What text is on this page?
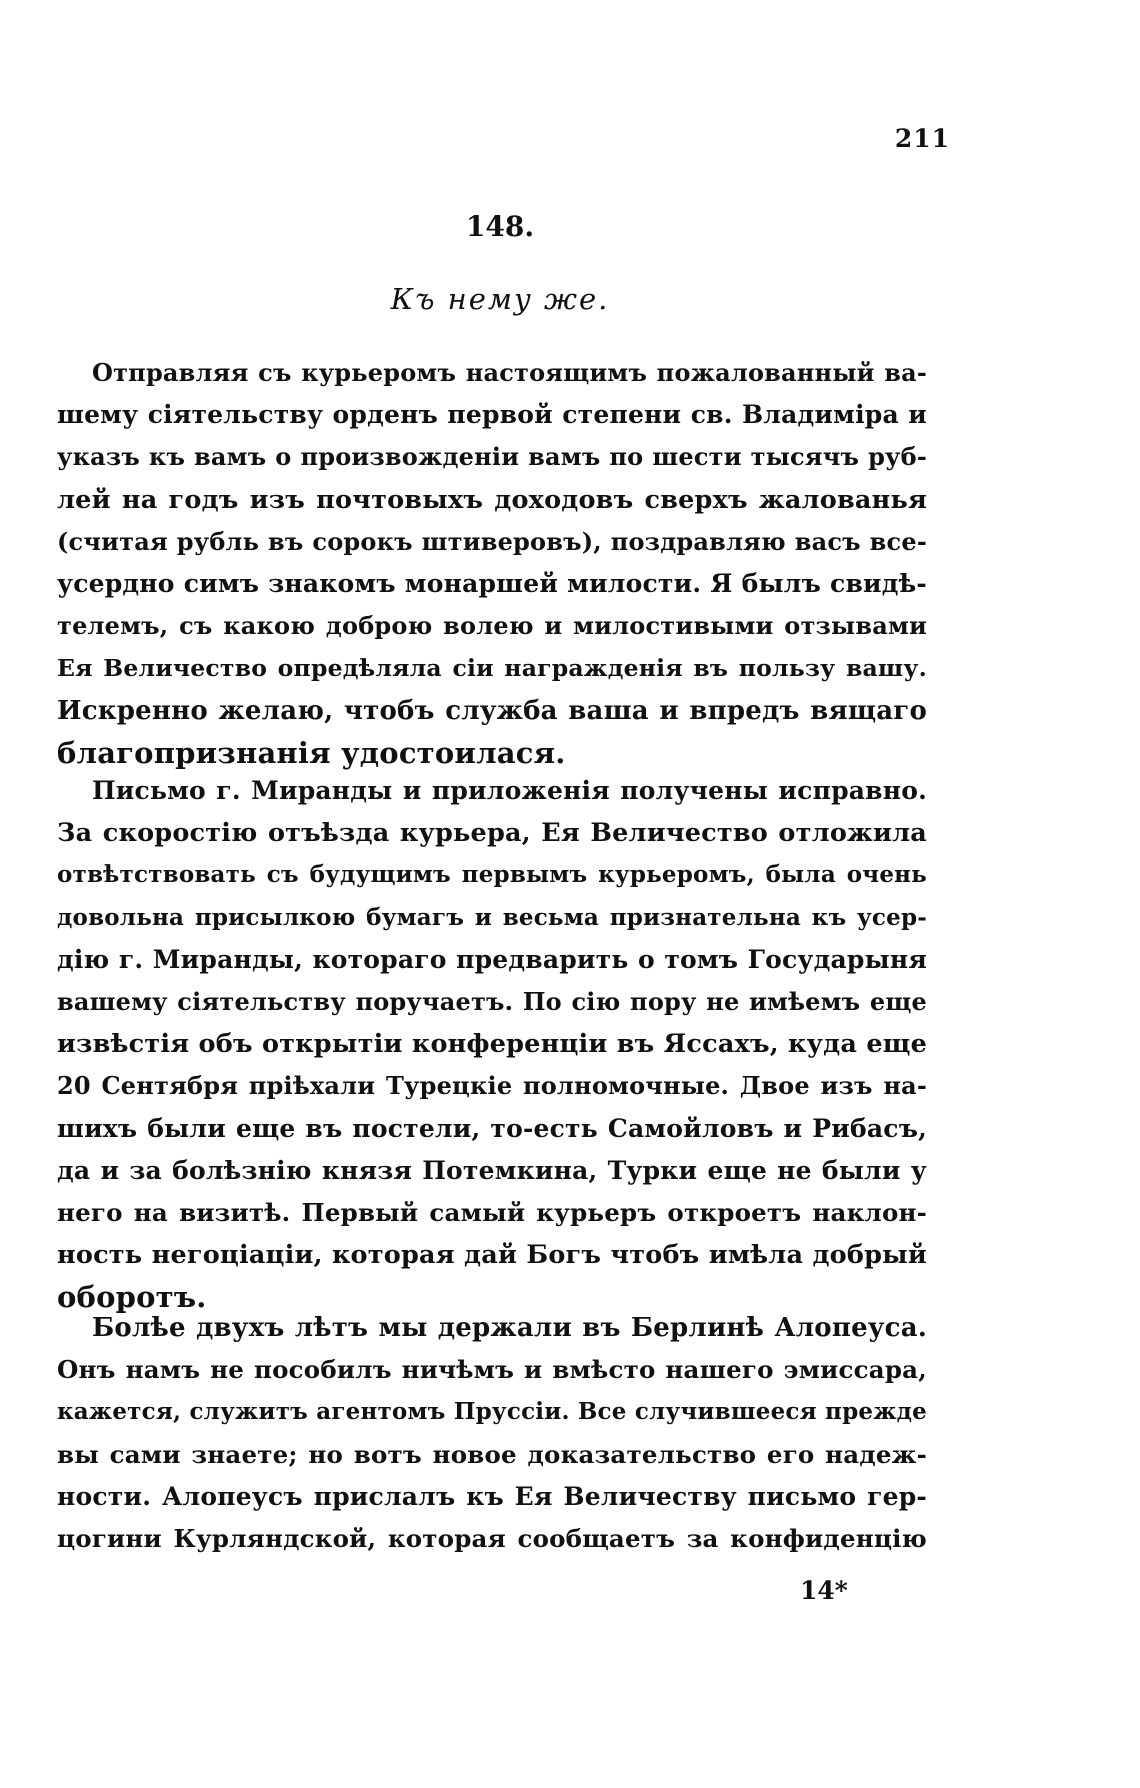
211
148.
Къ нему же.
Отправляя съ курьеромъ настоящимъ пожалованный ва-
шему сіятельству орденъ первой степени св. Владиміра и
указъ къ вамъ о произвожденіи вамъ по шести тысячъ руб-
лей на годъ изъ почтовыхъ доходовъ сверхъ жалованья
(считая рубль въ сорокъ штиверовъ), поздравляю васъ все-
усердно симъ знакомъ монаршей милости. Я былъ свидѣ-
телемъ, съ какою доброю волею и милостивыми отзывами
Ея Величество опредѣляла сіи награжденія въ пользу вашу.
Искренно желаю, чтобъ служба ваша и впредъ вящаго
благопризнанія удостоилася.
Письмо г. Миранды и приложенія получены исправно.
За скоростію отъѣзда курьера, Ея Величество отложила
отвѣтствовать съ будущимъ первымъ курьеромъ, была очень
довольна присылкою бумагъ и весьма признательна къ усер-
дію г. Миранды, котораго предварить о томъ Государыня
вашему сіятельству поручаетъ. По сію пору не имѣемъ еще
извѣстія объ открытіи конференціи въ Яссахъ, куда еще
20 Сентября пріѣхали Турецкіе полномочные. Двое изъ на-
шихъ были еще въ постели, то-есть Самойловъ и Рибасъ,
да и за болѣзнію князя Потемкина, Турки еще не были у
него на визитѣ. Первый самый курьеръ откроетъ наклон-
ность негоціаціи, которая дай Богъ чтобъ имѣла добрый
оборотъ.
Болѣе двухъ лѣтъ мы держали въ Берлинѣ Алопеуса.
Онъ намъ не пособилъ ничѣмъ и вмѣсто нашего эмиссара,
кажется, служитъ агентомъ Пруссіи. Все случившееся прежде
вы сами знаете; но вотъ новое доказательство его надеж-
ности. Алопеусъ прислалъ къ Ея Величеству письмо гер-
цогини Курляндской, которая сообщаетъ за конфиденцію
14*
